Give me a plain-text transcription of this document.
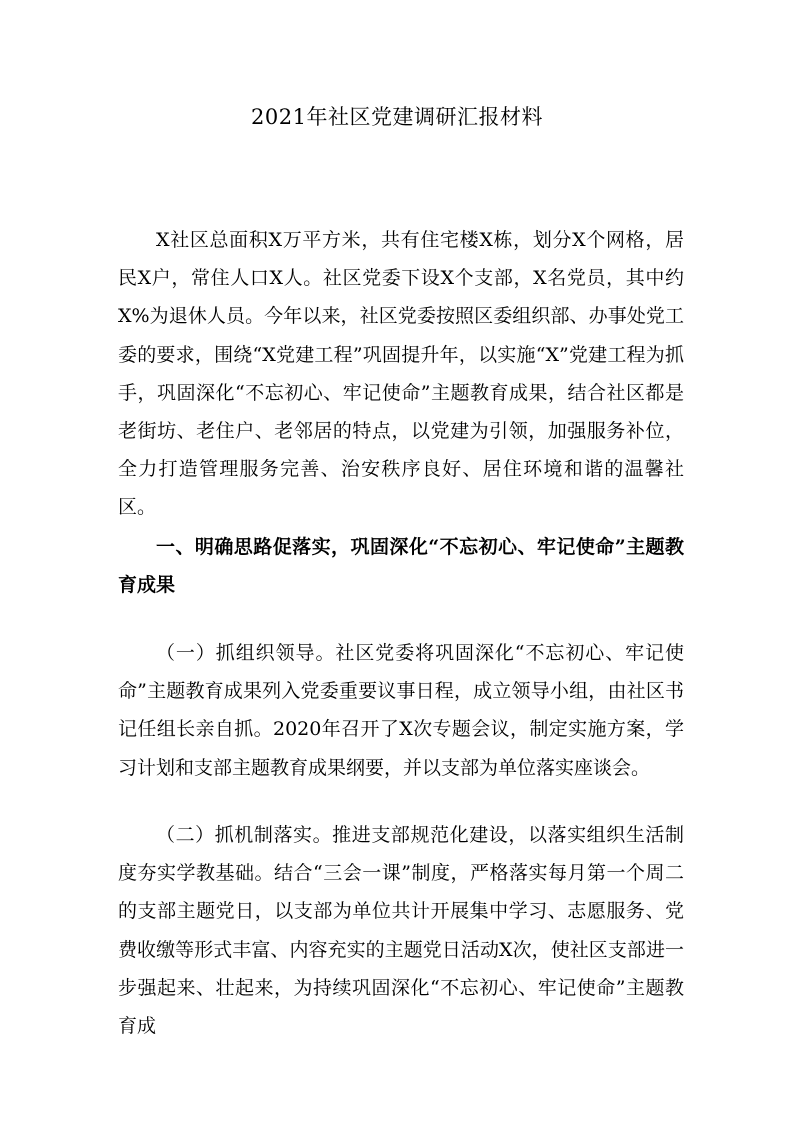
2021年社区党建调研汇报材料

X社区总面积X万平方米，共有住宅楼X栋，划分X个网格，居民X户，常住人口X人。社区党委下设X个支部，X名党员，其中约X%为退休人员。今年以来，社区党委按照区委组织部、办事处党工委的要求，围绕“X党建工程”巩固提升年，以实施“X”党建工程为抓手，巩固深化“不忘初心、牢记使命”主题教育成果，结合社区都是老街坊、老住户、老邻居的特点，以党建为引领，加强服务补位，全力打造管理服务完善、治安秩序良好、居住环境和谐的温馨社区。

一、明确思路促落实，巩固深化“不忘初心、牢记使命”主题教育成果

（一）抓组织领导。社区党委将巩固深化“不忘初心、牢记使命”主题教育成果列入党委重要议事日程，成立领导小组，由社区书记任组长亲自抓。2020年召开了X次专题会议，制定实施方案，学习计划和支部主题教育成果纲要，并以支部为单位落实座谈会。

（二）抓机制落实。推进支部规范化建设，以落实组织生活制度夯实学教基础。结合“三会一课”制度，严格落实每月第一个周二的支部主题党日，以支部为单位共计开展集中学习、志愿服务、党费收缴等形式丰富、内容充实的主题党日活动X次，使社区支部进一步强起来、壮起来，为持续巩固深化“不忘初心、牢记使命”主题教育成
